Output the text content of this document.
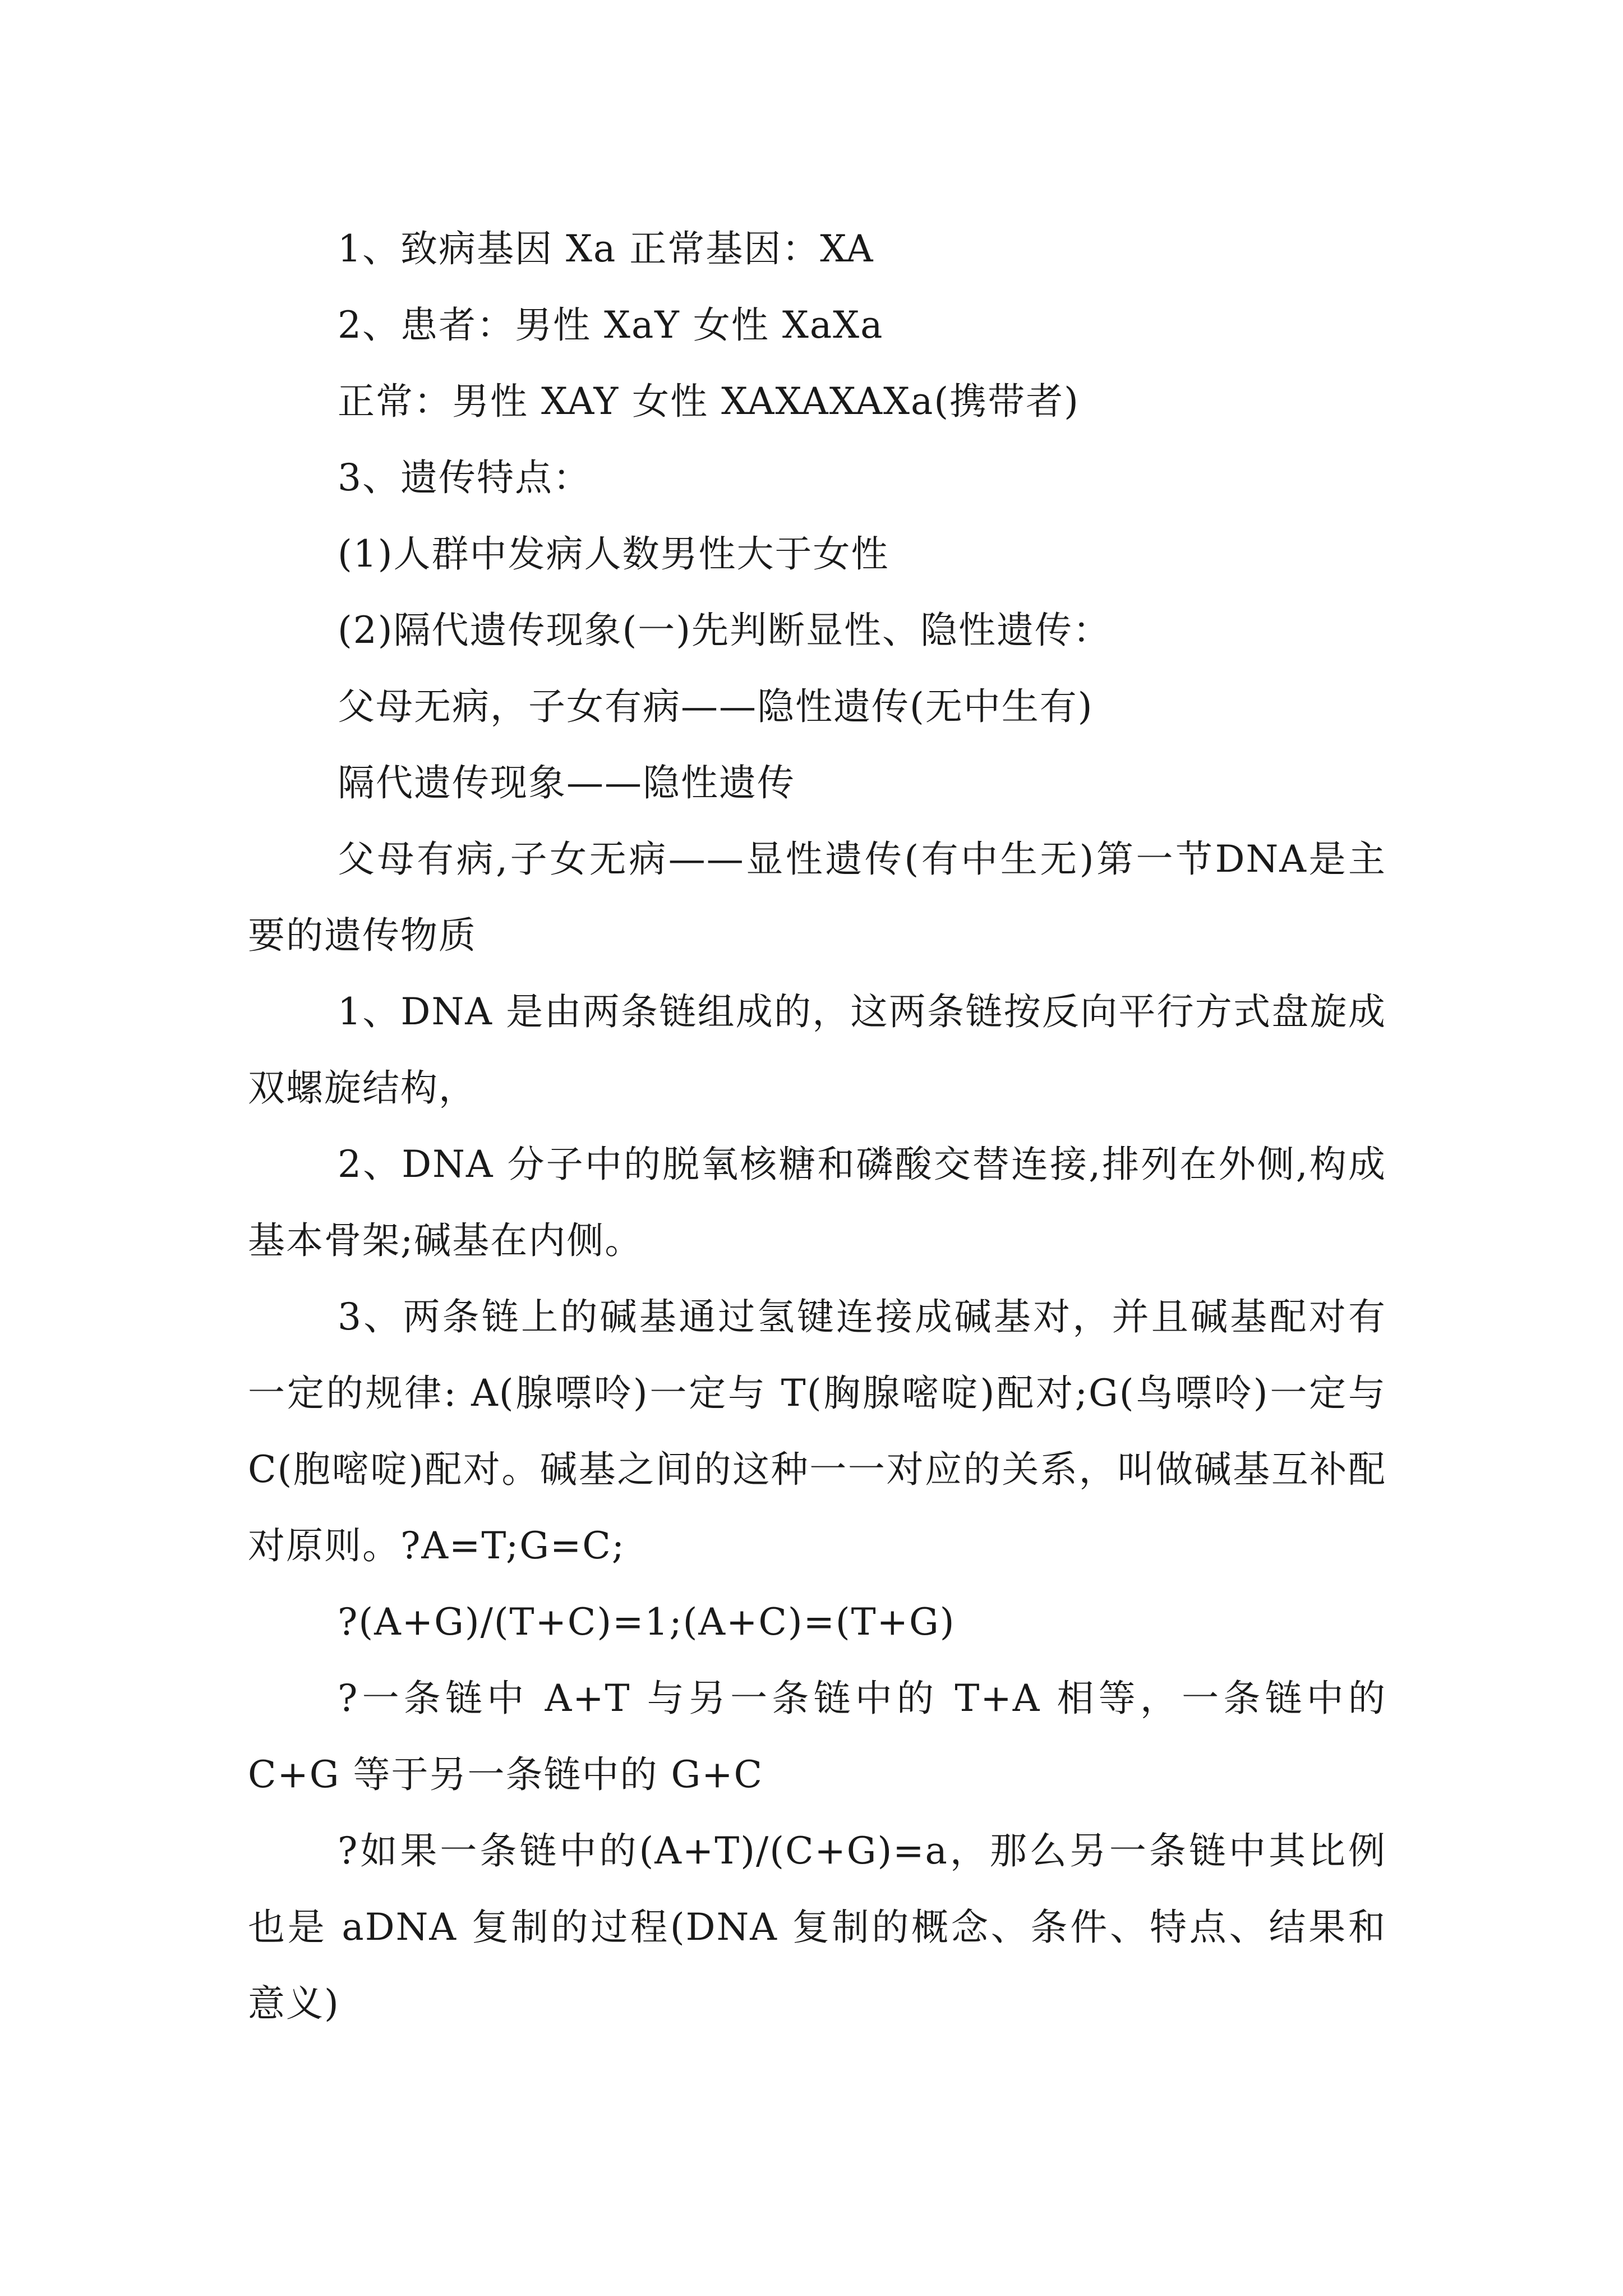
1、致病基因 Xa 正常基因：XA

2、患者：男性 XaY 女性 XaXa

正常：男性 XAY 女性 XAXAXAXa(携带者)

3、遗传特点：

(1)人群中发病人数男性大于女性

(2)隔代遗传现象(一)先判断显性、隐性遗传：

父母无病，子女有病——隐性遗传(无中生有)

隔代遗传现象——隐性遗传

父母有病,子女无病——显性遗传(有中生无)第一节DNA是主要的遗传物质

1、DNA 是由两条链组成的，这两条链按反向平行方式盘旋成双螺旋结构，

2、DNA 分子中的脱氧核糖和磷酸交替连接,排列在外侧,构成基本骨架;碱基在内侧。

3、两条链上的碱基通过氢键连接成碱基对，并且碱基配对有一定的规律: A(腺嘌呤)一定与 T(胸腺嘧啶)配对;G(鸟嘌呤)一定与 C(胞嘧啶)配对。碱基之间的这种一一对应的关系，叫做碱基互补配对原则。?A=T;G=C;

?(A+G)/(T+C)=1;(A+C)=(T+G)

?一条链中 A+T 与另一条链中的 T+A 相等，一条链中的 C+G 等于另一条链中的 G+C

?如果一条链中的(A+T)/(C+G)=a，那么另一条链中其比例也是 aDNA 复制的过程(DNA 复制的概念、条件、特点、结果和意义)
